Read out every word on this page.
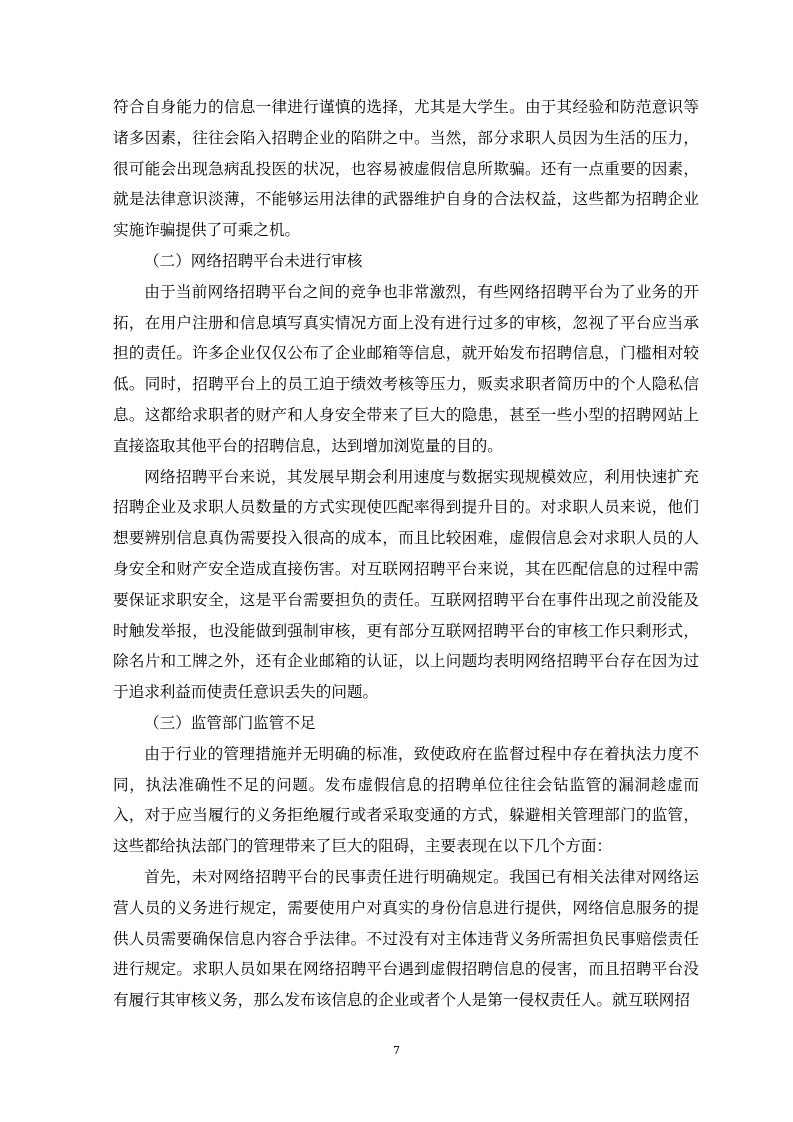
符合自身能力的信息一律进行谨慎的选择，尤其是大学生。由于其经验和防范意识等诸多因素，往往会陷入招聘企业的陷阱之中。当然，部分求职人员因为生活的压力，很可能会出现急病乱投医的状况，也容易被虚假信息所欺骗。还有一点重要的因素，就是法律意识淡薄，不能够运用法律的武器维护自身的合法权益，这些都为招聘企业实施诈骗提供了可乘之机。

（二）网络招聘平台未进行审核

由于当前网络招聘平台之间的竞争也非常激烈，有些网络招聘平台为了业务的开拓，在用户注册和信息填写真实情况方面上没有进行过多的审核，忽视了平台应当承担的责任。许多企业仅仅公布了企业邮箱等信息，就开始发布招聘信息，门槛相对较低。同时，招聘平台上的员工迫于绩效考核等压力，贩卖求职者简历中的个人隐私信息。这都给求职者的财产和人身安全带来了巨大的隐患，甚至一些小型的招聘网站上直接盗取其他平台的招聘信息，达到增加浏览量的目的。

网络招聘平台来说，其发展早期会利用速度与数据实现规模效应，利用快速扩充招聘企业及求职人员数量的方式实现使匹配率得到提升目的。对求职人员来说，他们想要辨别信息真伪需要投入很高的成本，而且比较困难，虚假信息会对求职人员的人身安全和财产安全造成直接伤害。对互联网招聘平台来说，其在匹配信息的过程中需要保证求职安全，这是平台需要担负的责任。互联网招聘平台在事件出现之前没能及时触发举报，也没能做到强制审核，更有部分互联网招聘平台的审核工作只剩形式，除名片和工牌之外，还有企业邮箱的认证，以上问题均表明网络招聘平台存在因为过于追求利益而使责任意识丢失的问题。

（三）监管部门监管不足

由于行业的管理措施并无明确的标准，致使政府在监督过程中存在着执法力度不同，执法准确性不足的问题。发布虚假信息的招聘单位往往会钻监管的漏洞趁虚而入，对于应当履行的义务拒绝履行或者采取变通的方式，躲避相关管理部门的监管，这些都给执法部门的管理带来了巨大的阻碍，主要表现在以下几个方面：

首先，未对网络招聘平台的民事责任进行明确规定。我国已有相关法律对网络运营人员的义务进行规定，需要使用户对真实的身份信息进行提供，网络信息服务的提供人员需要确保信息内容合乎法律。不过没有对主体违背义务所需担负民事赔偿责任进行规定。求职人员如果在网络招聘平台遇到虚假招聘信息的侵害，而且招聘平台没有履行其审核义务，那么发布该信息的企业或者个人是第一侵权责任人。就互联网招

7
